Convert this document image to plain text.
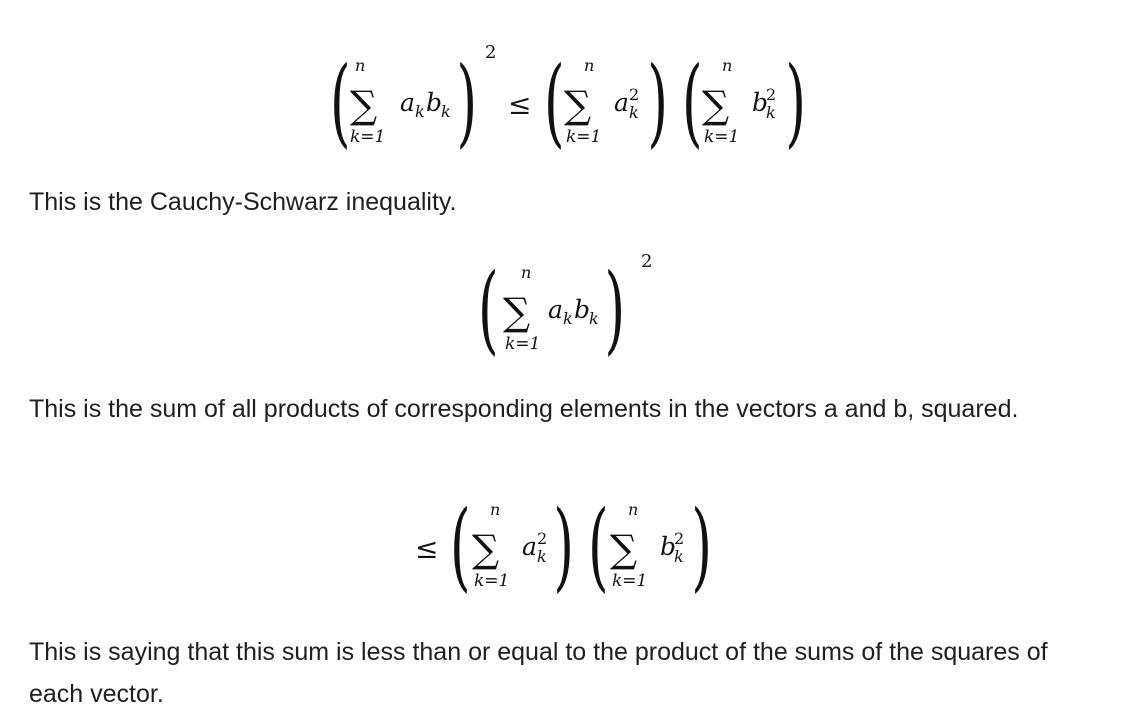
( n
∑
k=1
a k b
k ) 2
≤ ( n
∑
k=1
a 2
k ) ( n
∑
k=1
b
2
k )

This is the Cauchy-Schwarz inequality.

( n
∑
k=1
a k b
k ) 2

This is the sum of all products of corresponding elements in the vectors a and b, squared.

≤ ( n
∑
k=1
a 2
k ) ( n
∑
k=1
b
2
k )

This is saying that this sum is less than or equal to the product of the sums of the squares of each vector.
